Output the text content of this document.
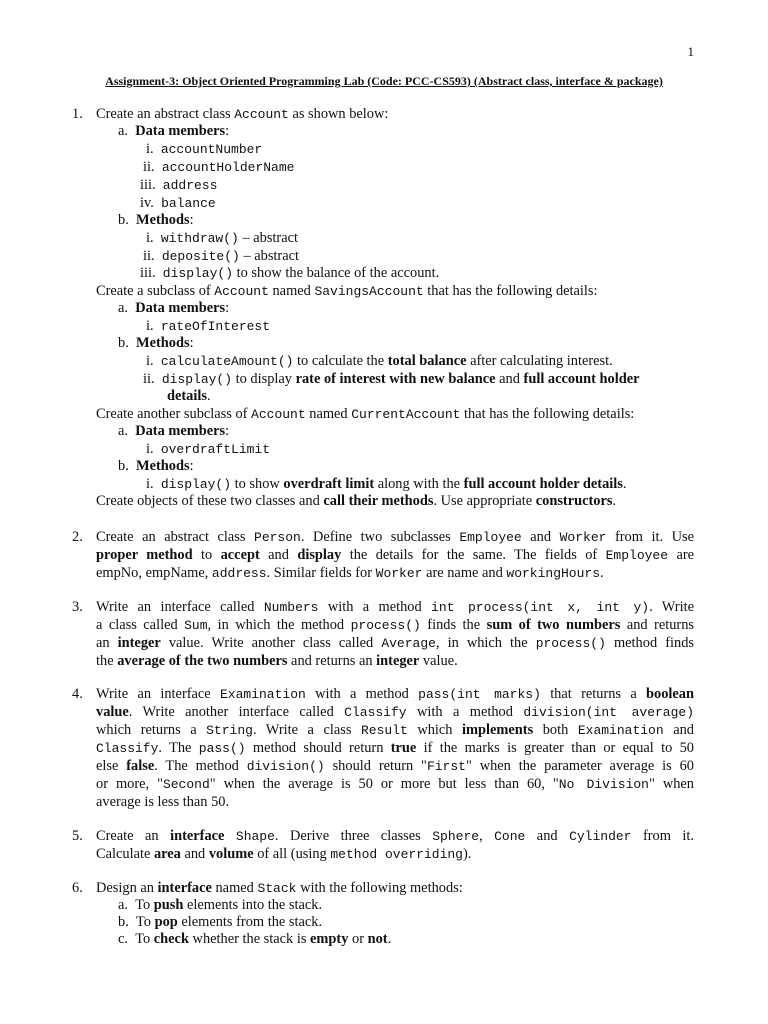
1
Assignment-3: Object Oriented Programming Lab (Code: PCC-CS593) (Abstract class, interface & package)
1. Create an abstract class Account as shown below:
a. Data members:
i. accountNumber
ii. accountHolderName
iii. address
iv. balance
b. Methods:
i. withdraw() – abstract
ii. deposite() – abstract
iii. display() to show the balance of the account.
Create a subclass of Account named SavingsAccount that has the following details:
a. Data members:
i. rateOfInterest
b. Methods:
i. calculateAmount() to calculate the total balance after calculating interest.
ii. display() to display rate of interest with new balance and full account holder
details.
Create another subclass of Account named CurrentAccount that has the following details:
a. Data members:
i. overdraftLimit
b. Methods:
i. display() to show overdraft limit along with the full account holder details.
Create objects of these two classes and call their methods. Use appropriate constructors.
2. Create an abstract class Person. Define two subclasses Employee and Worker from it. Use
proper method to accept and display the details for the same. The fields of Employee are
empNo, empName, address. Similar fields for Worker are name and workingHours.
3. Write an interface called Numbers with a method int process(int x, int y). Write
a class called Sum, in which the method process() finds the sum of two numbers and returns
an integer value. Write another class called Average, in which the process() method finds
the average of the two numbers and returns an integer value.
4. Write an interface Examination with a method pass(int marks) that returns a boolean
value. Write another interface called Classify with a method division(int average)
which returns a String. Write a class Result which implements both Examination and
Classify. The pass() method should return true if the marks is greater than or equal to 50
else false. The method division() should return "First" when the parameter average is 60
or more, "Second" when the average is 50 or more but less than 60, "No Division" when
average is less than 50.
5. Create an interface Shape. Derive three classes Sphere, Cone and Cylinder from it.
Calculate area and volume of all (using method overriding).
6. Design an interface named Stack with the following methods:
a. To push elements into the stack.
b. To pop elements from the stack.
c. To check whether the stack is empty or not.
